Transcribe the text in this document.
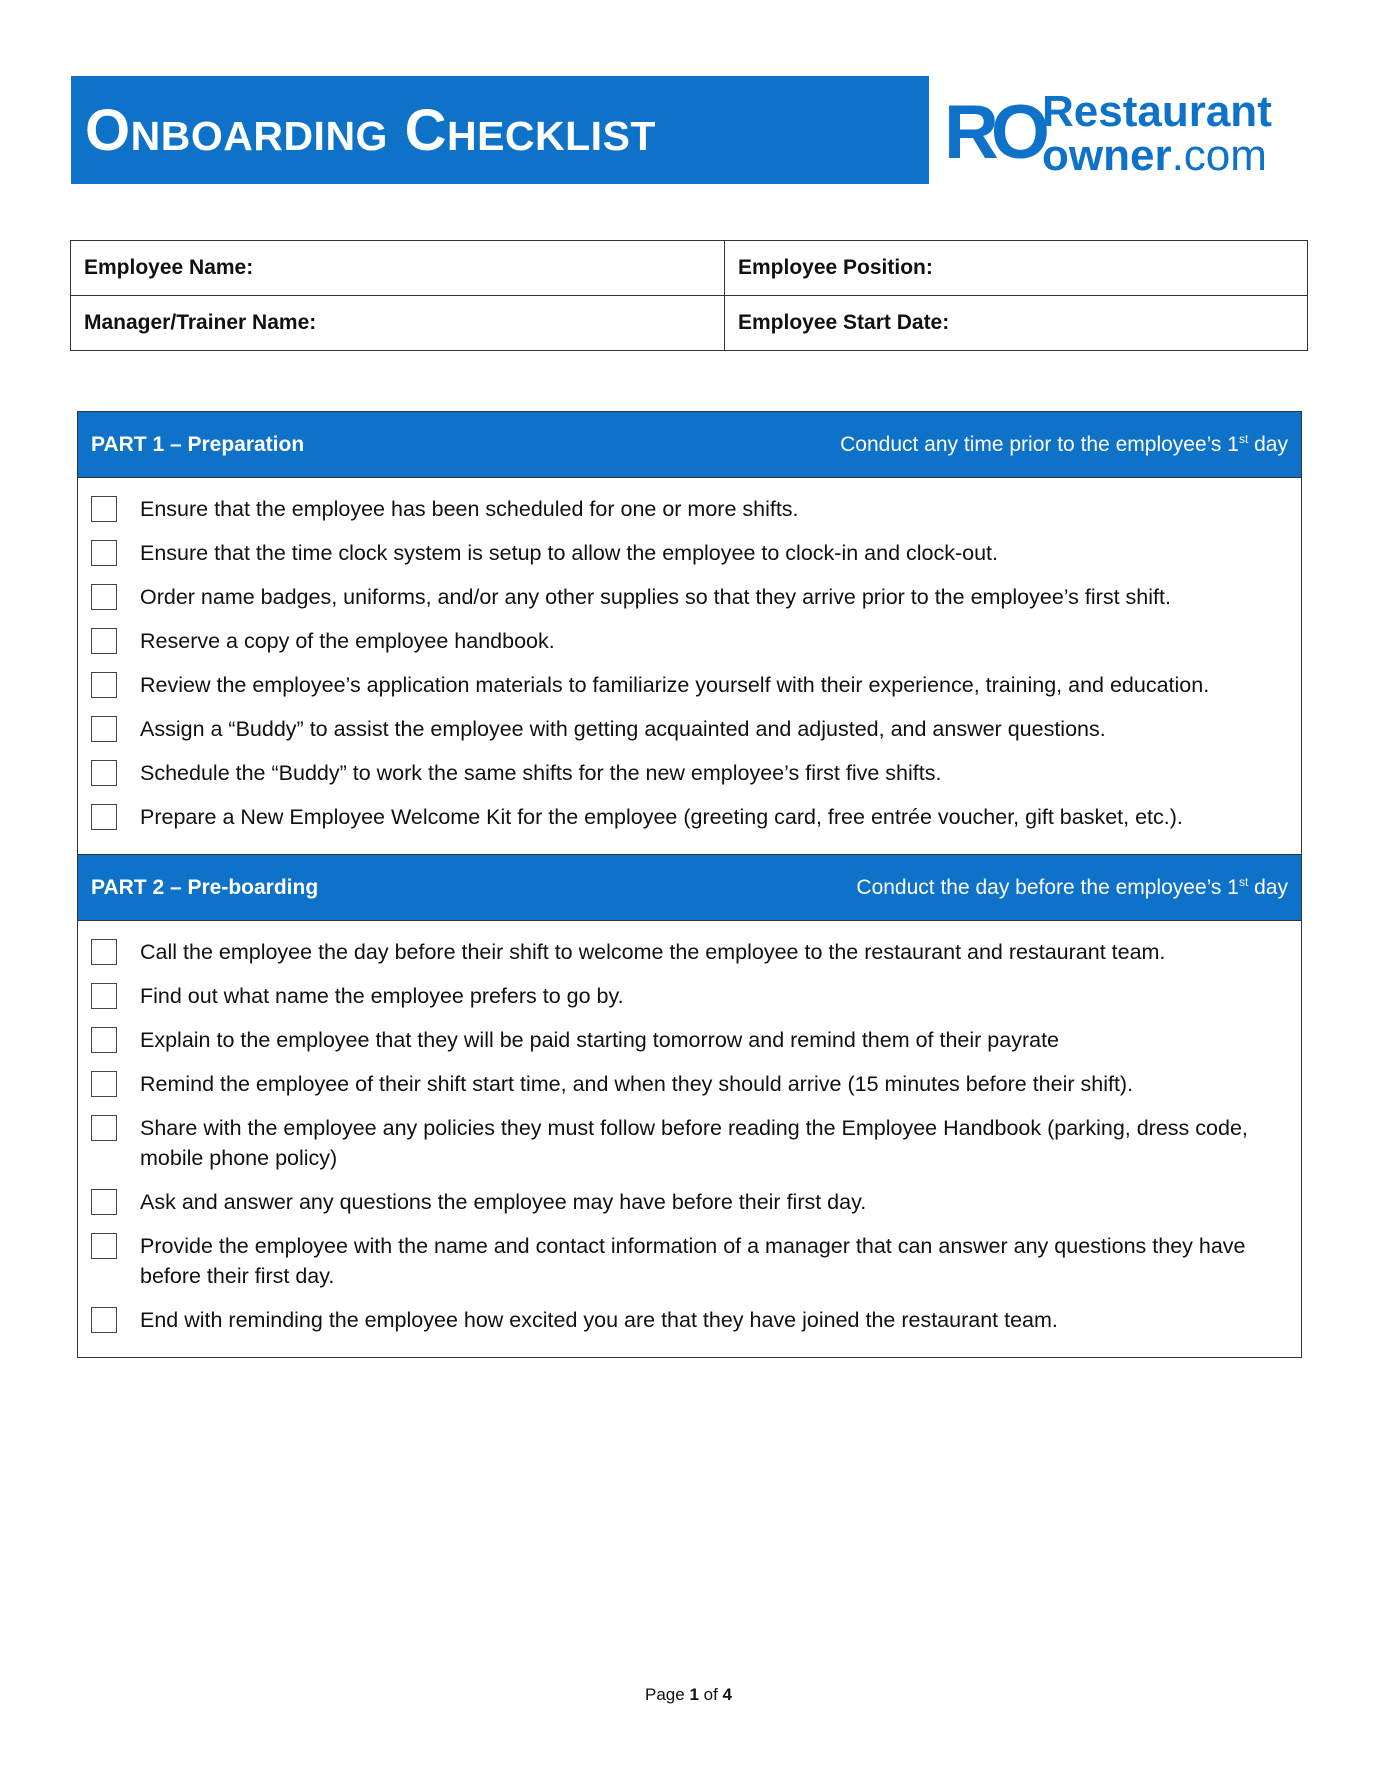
Onboarding Checklist	RO Restaurant
owner.com
Employee Name:	Employee Position:
Manager/Trainer Name:	Employee Start Date:
PART 1 – Preparation	Conduct any time prior to the employee’s 1st day
Ensure that the employee has been scheduled for one or more shifts.
Ensure that the time clock system is setup to allow the employee to clock-in and clock-out.
Order name badges, uniforms, and/or any other supplies so that they arrive prior to the employee’s first shift.
Reserve a copy of the employee handbook.
Review the employee’s application materials to familiarize yourself with their experience, training, and education.
Assign a “Buddy” to assist the employee with getting acquainted and adjusted, and answer questions.
Schedule the “Buddy” to work the same shifts for the new employee’s first five shifts.
Prepare a New Employee Welcome Kit for the employee (greeting card, free entrée voucher, gift basket, etc.).
PART 2 – Pre-boarding	Conduct the day before the employee’s 1st day
Call the employee the day before their shift to welcome the employee to the restaurant and restaurant team.
Find out what name the employee prefers to go by.
Explain to the employee that they will be paid starting tomorrow and remind them of their payrate
Remind the employee of their shift start time, and when they should arrive (15 minutes before their shift).
Share with the employee any policies they must follow before reading the Employee Handbook (parking, dress code, mobile phone policy)
Ask and answer any questions the employee may have before their first day.
Provide the employee with the name and contact information of a manager that can answer any questions they have before their first day.
End with reminding the employee how excited you are that they have joined the restaurant team.
Page 1 of 4
